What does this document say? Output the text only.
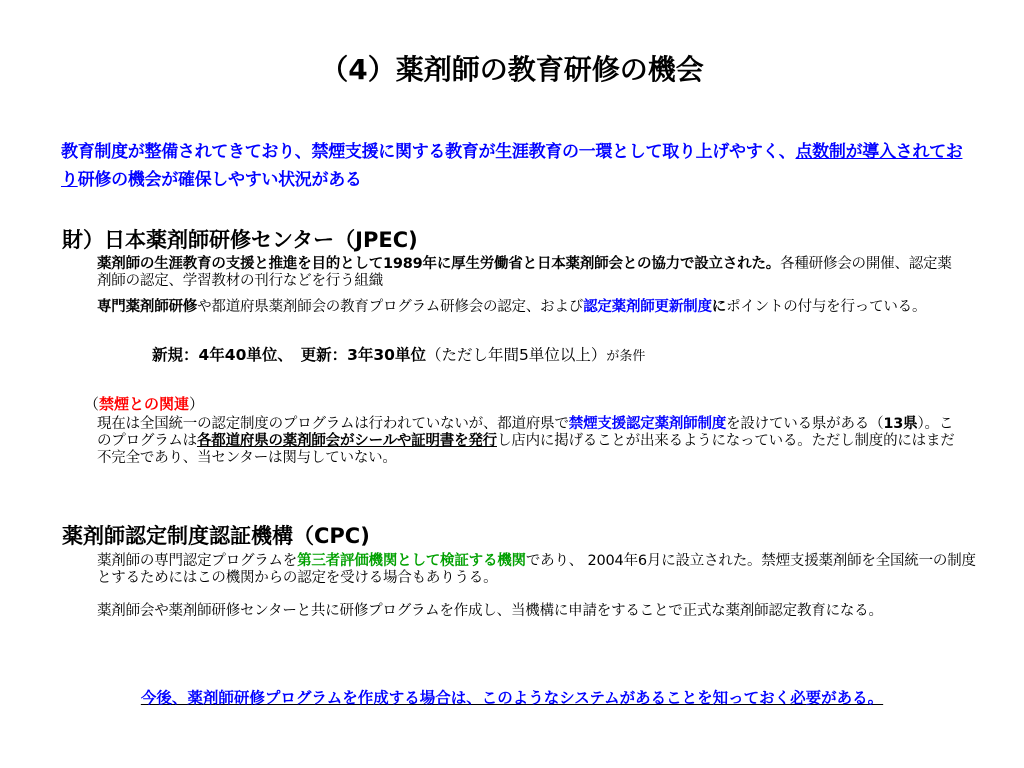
（4）薬剤師の教育研修の機会
教育制度が整備されてきており、禁煙支援に関する教育が生涯教育の一環として取り上げやすく、点数制が導入されており研修の機会が確保しやすい状況がある
財）日本薬剤師研修センター（JPEC)
薬剤師の生涯教育の支援と推進を目的として1989年に厚生労働省と日本薬剤師会との協力で設立された。各種研修会の開催、認定薬剤師の認定、学習教材の刊行などを行う組織
専門薬剤師研修や都道府県薬剤師会の教育プログラム研修会の認定、および認定薬剤師更新制度にポイントの付与を行っている。
新規：4年40単位、　更新：3年30単位（ただし年間5単位以上）が条件
（禁煙との関連）
現在は全国統一の認定制度のプログラムは行われていないが、都道府県で禁煙支援認定薬剤師制度を設けている県がある（13県）。このプログラムは各都道府県の薬剤師会がシールや証明書を発行し店内に掲げることが出来るようになっている。ただし制度的にはまだ不完全であり、当センターは関与していない。
薬剤師認定制度認証機構（CPC)
薬剤師の専門認定プログラムを第三者評価機関として検証する機関であり、 2004年6月に設立された。禁煙支援薬剤師を全国統一の制度とするためにはこの機関からの認定を受ける場合もありうる。
薬剤師会や薬剤師研修センターと共に研修プログラムを作成し、当機構に申請をすることで正式な薬剤師認定教育になる。
今後、薬剤師研修プログラムを作成する場合は、このようなシステムがあることを知っておく必要がある。
